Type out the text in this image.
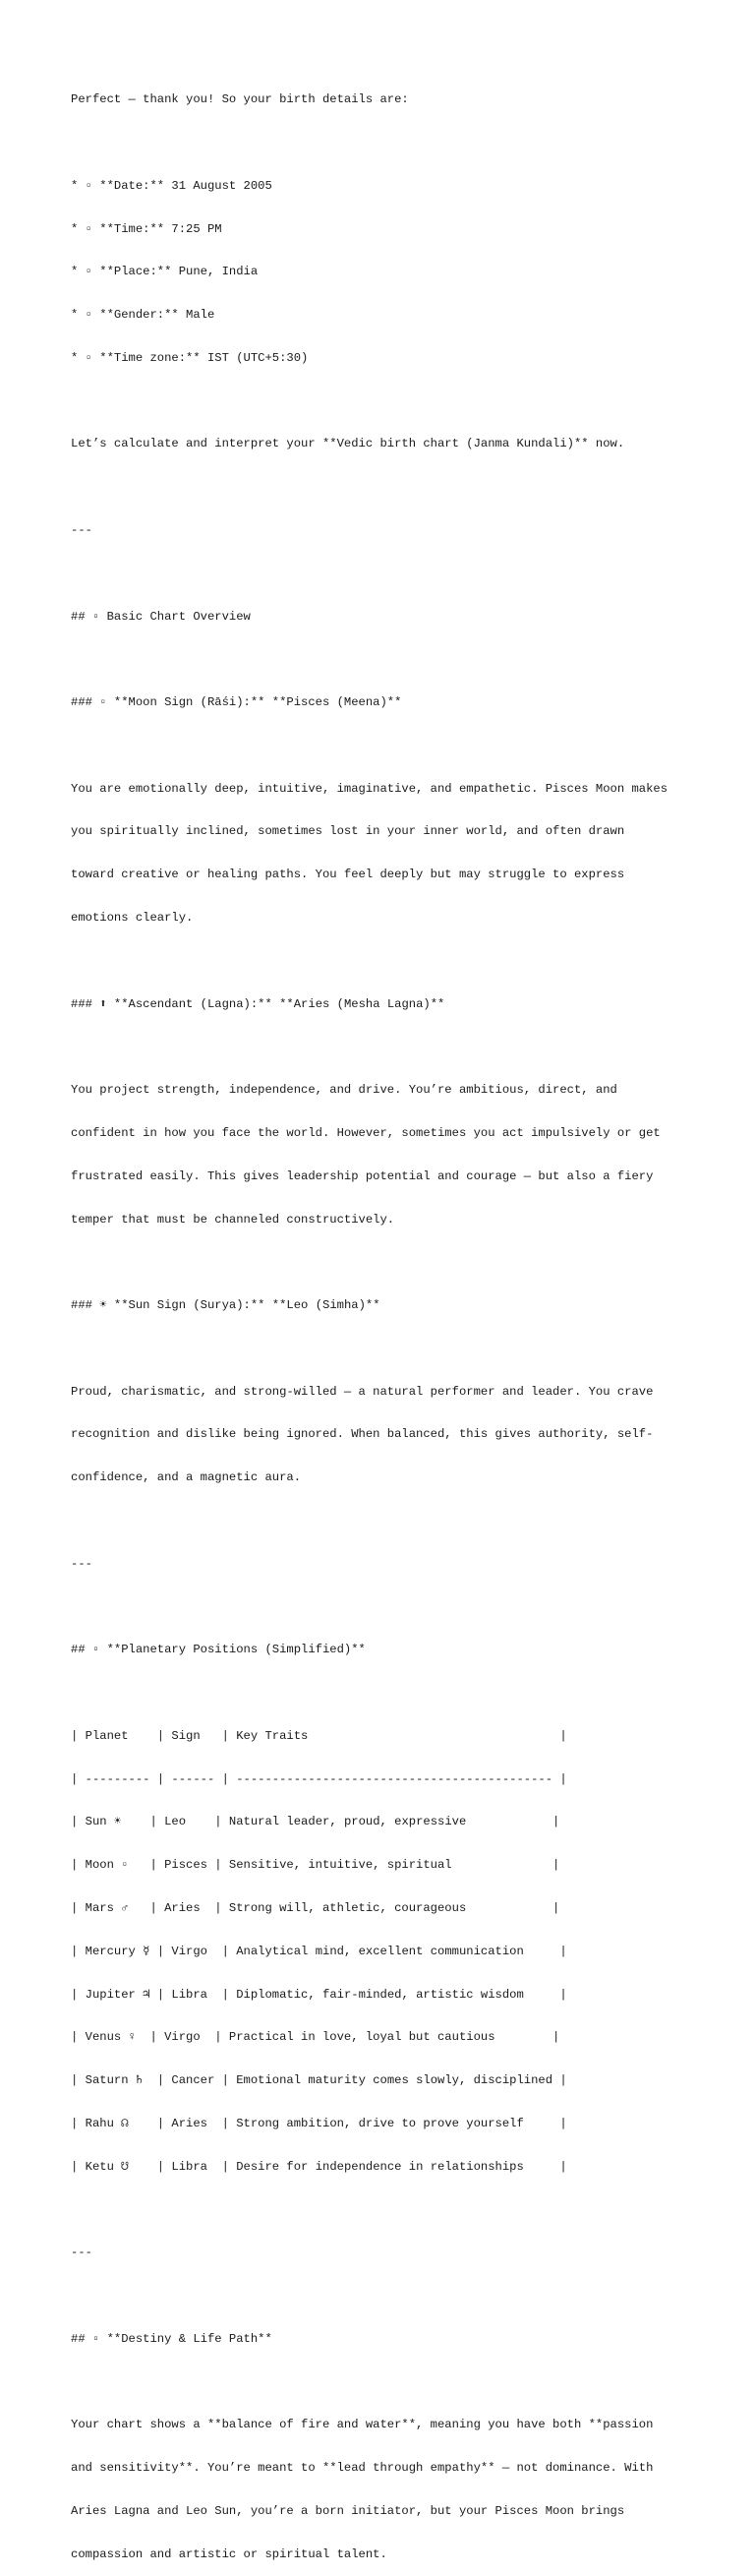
Perfect — thank you! So your birth details are:

* ▫ **Date:** 31 August 2005

* ▫ **Time:** 7:25 PM

* ▫ **Place:** Pune, India

* ▫ **Gender:** Male

* ▫ **Time zone:** IST (UTC+5:30)

Let’s calculate and interpret your **Vedic birth chart (Janma Kundali)** now.

---

## ▫ Basic Chart Overview

### ▫ **Moon Sign (Rāśi):** **Pisces (Meena)**

You are emotionally deep, intuitive, imaginative, and empathetic. Pisces Moon makes

you spiritually inclined, sometimes lost in your inner world, and often drawn

toward creative or healing paths. You feel deeply but may struggle to express

emotions clearly.

### ⬆ **Ascendant (Lagna):** **Aries (Mesha Lagna)**

You project strength, independence, and drive. You’re ambitious, direct, and

confident in how you face the world. However, sometimes you act impulsively or get

frustrated easily. This gives leadership potential and courage — but also a fiery

temper that must be channeled constructively.

### ☀ **Sun Sign (Surya):** **Leo (Simha)**

Proud, charismatic, and strong-willed — a natural performer and leader. You crave

recognition and dislike being ignored. When balanced, this gives authority, self-

confidence, and a magnetic aura.

---

## ▫ **Planetary Positions (Simplified)**

| Planet    | Sign   | Key Traits                                   |

| --------- | ------ | -------------------------------------------- |

| Sun ☀    | Leo    | Natural leader, proud, expressive            |

| Moon ▫   | Pisces | Sensitive, intuitive, spiritual              |

| Mars ♂   | Aries  | Strong will, athletic, courageous            |

| Mercury ☿ | Virgo  | Analytical mind, excellent communication     |

| Jupiter ♃ | Libra  | Diplomatic, fair-minded, artistic wisdom     |

| Venus ♀  | Virgo  | Practical in love, loyal but cautious        |

| Saturn ♄  | Cancer | Emotional maturity comes slowly, disciplined |

| Rahu ☊    | Aries  | Strong ambition, drive to prove yourself     |

| Ketu ☋    | Libra  | Desire for independence in relationships     |

---

## ▫ **Destiny & Life Path**

Your chart shows a **balance of fire and water**, meaning you have both **passion

and sensitivity**. You’re meant to **lead through empathy** — not dominance. With

Aries Lagna and Leo Sun, you’re a born initiator, but your Pisces Moon brings

compassion and artistic or spiritual talent.
